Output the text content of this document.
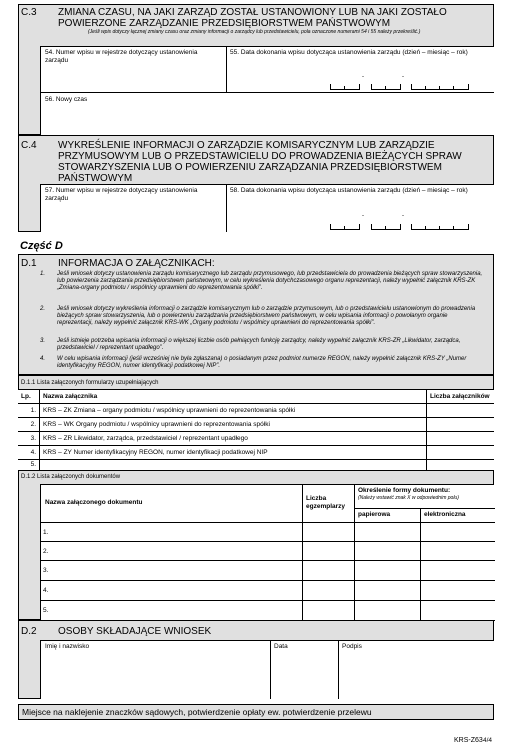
C.3 ZMIANA CZASU, NA JAKI ZARZĄD ZOSTAŁ USTANOWIONY LUB NA JAKI ZOSTAŁO POWIERZONE ZARZĄDZANIE PRZEDSIĘBIORSTWEM PAŃSTWOWYM
(Jeśli wpis dotyczy łącznej zmiany czasu oraz zmiany informacji o zarządcy lub przedstawicielu, pola oznaczone numerami 54 i 55 należy przekreślić.)
54. Numer wpisu w rejestrze dotyczący ustanowienia zarządu
55. Data dokonania wpisu dotycząca ustanowienia zarządu (dzień – miesiąc – rok)
-	-
56. Nowy czas
C.4 WYKREŚLENIE INFORMACJI O ZARZĄDZIE KOMISARYCZNYM LUB ZARZĄDZIE PRZYMUSOWYM LUB O PRZEDSTAWICIELU DO PROWADZENIA BIEŻĄCYCH SPRAW STOWARZYSZENIA LUB O POWIERZENIU ZARZĄDZANIA PRZEDSIĘBIORSTWEM PAŃSTWOWYM
57. Numer wpisu w rejestrze dotyczący ustanowienia zarządu
58. Data dokonania wpisu dotycząca ustanowienia zarządu (dzień – miesiąc – rok)
-	-
Część D
D.1 INFORMACJA O ZAŁĄCZNIKACH:
1. Jeśli wniosek dotyczy ustanowienia zarządu komisarycznego lub zarządu przymusowego, lub przedstawiciela do prowadzenia bieżących spraw stowarzyszenia, lub powierzenia zarządzania przedsiębiorstwem państwowym, w celu wykreślenia dotychczasowego organu reprezentacji, należy wypełnić załącznik KRS-ZK „Zmiana-organy podmiotu / wspólnicy uprawnieni do reprezentowania spółki”.
2. Jeśli wniosek dotyczy wykreślenia informacji o zarządzie komisarycznym lub o zarządzie przymusowym, lub o przedstawicielu ustanowionym do prowadzenia bieżących spraw stowarzyszenia, lub o powierzeniu zarządzania przedsiębiorstwem państwowym, w celu wpisania informacji o powołanym organie reprezentacji, należy wypełnić załącznik KRS-WK „Organy podmiotu / wspólnicy uprawnieni do reprezentowania spółki”.
3. Jeśli istnieje potrzeba wpisania informacji o większej liczbie osób pełniących funkcję zarządcy, należy wypełnić załącznik KRS-ZR „Likwidator, zarządca, przedstawiciel / reprezentant upadłego”.
4. W celu wpisania informacji (jeśli wcześniej nie była zgłaszana) o posiadanym przez podmiot numerze REGON, należy wypełnić załącznik KRS-ZY „Numer identyfikacyjny REGON, numer identyfikacji podatkowej NIP”.
D.1.1 Lista załączonych formularzy uzupełniających
Lp.	Nazwa załącznika	Liczba załączników
1.	KRS – ZK Zmiana – organy podmiotu / wspólnicy uprawnieni do reprezentowania spółki
2.	KRS – WK Organy podmiotu / wspólnicy uprawnieni do reprezentowania spółki
3.	KRS – ZR Likwidator, zarządca, przedstawiciel / reprezentant upadłego
4.	KRS – ZY Numer identyfikacyjny REGON, numer identyfikacji podatkowej NIP
5.
D.1.2 Lista załączonych dokumentów
Nazwa załączonego dokumentu
Liczba egzemplarzy
Określenie formy dokumentu:
(Należy wstawić znak X w odpowiednim polu)
papierowa	elektroniczna
1.
2.
3.
4.
5.
D.2 OSOBY SKŁADAJĄCE WNIOSEK
Imię i nazwisko	Data	Podpis
Miejsce na naklejenie znaczków sądowych, potwierdzenie opłaty ew. potwierdzenie przelewu
KRS-Z63 4/4
